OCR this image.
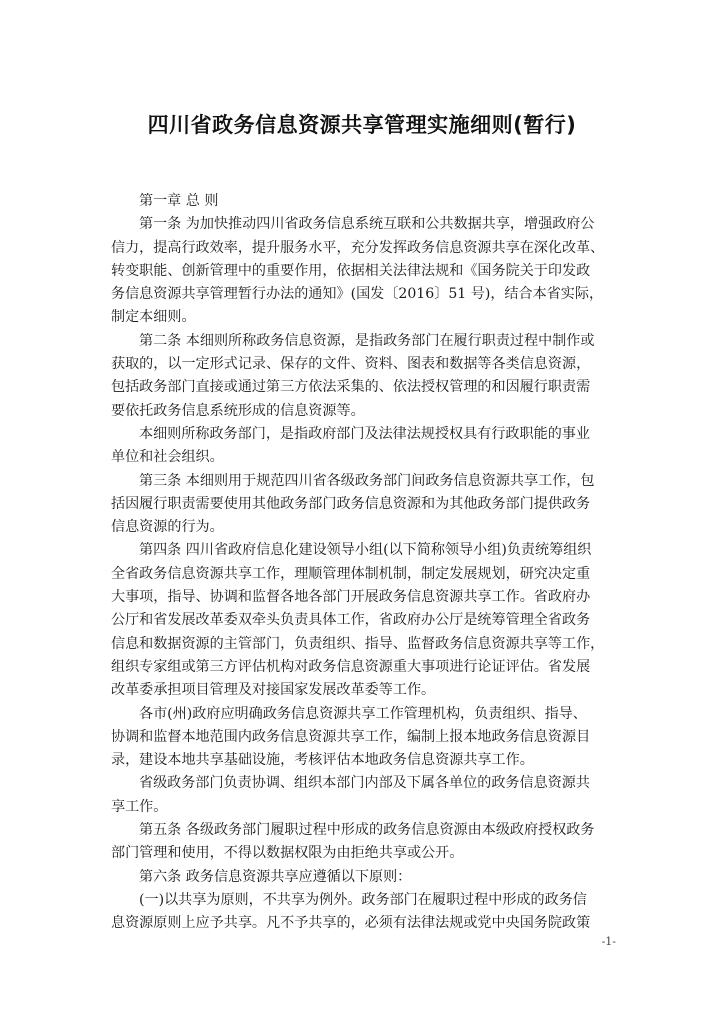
四川省政务信息资源共享管理实施细则(暂行)
第一章 总 则
第一条 为加快推动四川省政务信息系统互联和公共数据共享，增强政府公
信力，提高行政效率，提升服务水平，充分发挥政务信息资源共享在深化改革、
转变职能、创新管理中的重要作用，依据相关法律法规和《国务院关于印发政
务信息资源共享管理暂行办法的通知》(国发〔2016〕51 号)，结合本省实际，
制定本细则。
第二条 本细则所称政务信息资源，是指政务部门在履行职责过程中制作或
获取的，以一定形式记录、保存的文件、资料、图表和数据等各类信息资源，
包括政务部门直接或通过第三方依法采集的、依法授权管理的和因履行职责需
要依托政务信息系统形成的信息资源等。
本细则所称政务部门，是指政府部门及法律法规授权具有行政职能的事业
单位和社会组织。
第三条 本细则用于规范四川省各级政务部门间政务信息资源共享工作，包
括因履行职责需要使用其他政务部门政务信息资源和为其他政务部门提供政务
信息资源的行为。
第四条 四川省政府信息化建设领导小组(以下简称领导小组)负责统筹组织
全省政务信息资源共享工作，理顺管理体制机制，制定发展规划，研究决定重
大事项，指导、协调和监督各地各部门开展政务信息资源共享工作。省政府办
公厅和省发展改革委双牵头负责具体工作，省政府办公厅是统筹管理全省政务
信息和数据资源的主管部门，负责组织、指导、监督政务信息资源共享等工作，
组织专家组或第三方评估机构对政务信息资源重大事项进行论证评估。省发展
改革委承担项目管理及对接国家发展改革委等工作。
各市(州)政府应明确政务信息资源共享工作管理机构，负责组织、指导、
协调和监督本地范围内政务信息资源共享工作，编制上报本地政务信息资源目
录，建设本地共享基础设施，考核评估本地政务信息资源共享工作。
省级政务部门负责协调、组织本部门内部及下属各单位的政务信息资源共
享工作。
第五条 各级政务部门履职过程中形成的政务信息资源由本级政府授权政务
部门管理和使用，不得以数据权限为由拒绝共享或公开。
第六条 政务信息资源共享应遵循以下原则：
(一)以共享为原则，不共享为例外。政务部门在履职过程中形成的政务信
息资源原则上应予共享。凡不予共享的，必须有法律法规或党中央国务院政策
-1-
